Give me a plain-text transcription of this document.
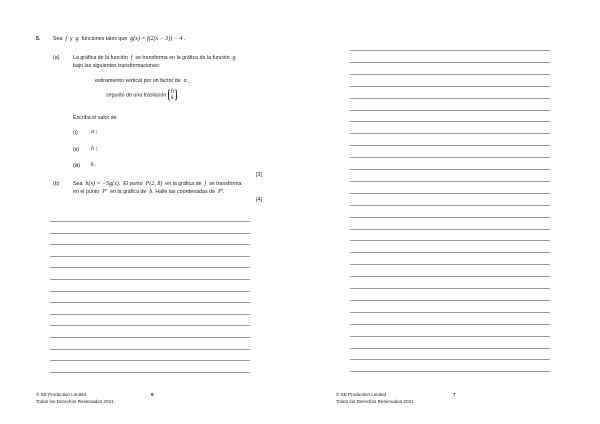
5. Sea f y g funciones tales que g(x) = f(2(x − 3)) − 4 .
(a)	La gráfica de la función f se transforma en la gráfica de la función g
bajo las siguientes transformaciones:
estiramiento vertical por un factor de α ,
seguido de una traslación
h
k .
Escriba el valor de
(i) α ;
(ii) h ;
(iii) k .
[3]
(b)	Sea h(x) = −5g(x). El punto P(2, 8) en la gráfica de f se transforma
en el punto P′ en la gráfica de h. Halle las coordenadas de P′.
[4]
© SE Production Limited
Todos los Derechos Reservados 2021
6	© SE Production Limited
Todos los Derechos Reservados 2021
7
